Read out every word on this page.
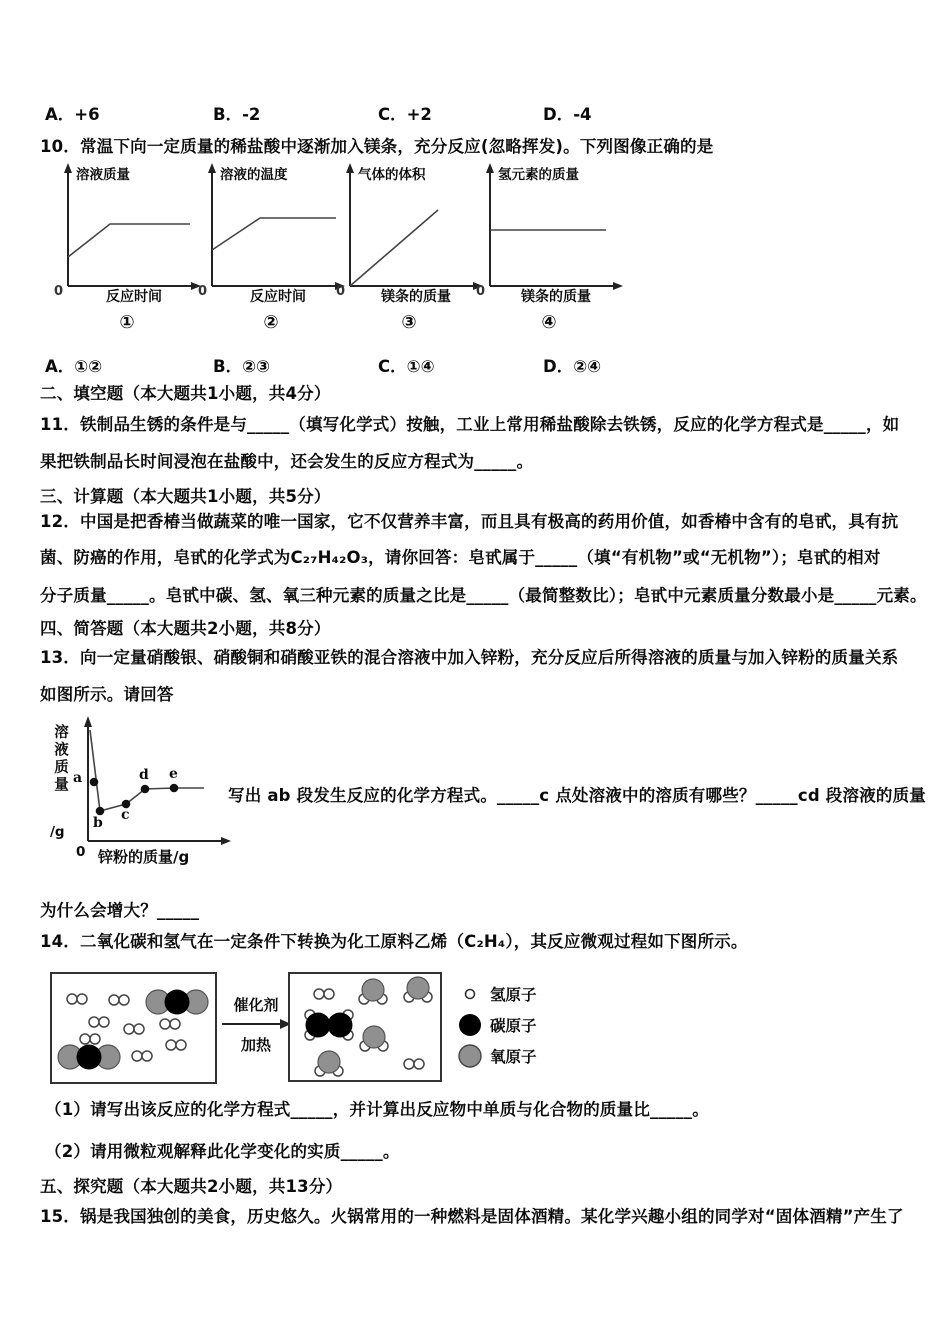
A．+6	B．-2	C．+2	D．-4
10．常温下向一定质量的稀盐酸中逐渐加入镁条，充分反应(忽略挥发)。下列图像正确的是
溶液质量
0	反应时间
①
溶液的温度
0	反应时间
②
气体的体积
0	镁条的质量
③
氢元素的质量
0	镁条的质量
④
A．①②	B．②③	C．①④	D．②④
二、填空题（本大题共1小题，共4分）
11．铁制品生锈的条件是与_____（填写化学式）按触，工业上常用稀盐酸除去铁锈，反应的化学方程式是_____，如
果把铁制品长时间浸泡在盐酸中，还会发生的反应方程式为_____。
三、计算题（本大题共1小题，共5分）
12．中国是把香椿当做蔬菜的唯一国家，它不仅营养丰富，而且具有极高的药用价值，如香椿中含有的皂甙，具有抗
菌、防癌的作用，皂甙的化学式为C₂₇H₄₂O₃，请你回答：皂甙属于_____（填“有机物”或“无机物”）；皂甙的相对
分子质量_____。皂甙中碳、氢、氧三种元素的质量之比是_____（最简整数比）；皂甙中元素质量分数最小是_____元素。
四、简答题（本大题共2小题，共8分）
13．向一定量硝酸银、硝酸铜和硝酸亚铁的混合溶液中加入锌粉，充分反应后所得溶液的质量与加入锌粉的质量关系
如图所示。请回答
溶液质量
/g
a
b c
d e
0 锌粉的质量/g
写出 ab 段发生反应的化学方程式。_____c 点处溶液中的溶质有哪些？_____cd 段溶液的质量
为什么会增大？_____
14．二氧化碳和氢气在一定条件下转换为化工原料乙烯（C₂H₄），其反应微观过程如下图所示。
催化剂
加热
氢原子
碳原子
氧原子
（1）请写出该反应的化学方程式_____，并计算出反应物中单质与化合物的质量比_____。
（2）请用微粒观解释此化学变化的实质_____。
五、探究题（本大题共2小题，共13分）
15．锅是我国独创的美食，历史悠久。火锅常用的一种燃料是固体酒精。某化学兴趣小组的同学对“固体酒精”产生了
